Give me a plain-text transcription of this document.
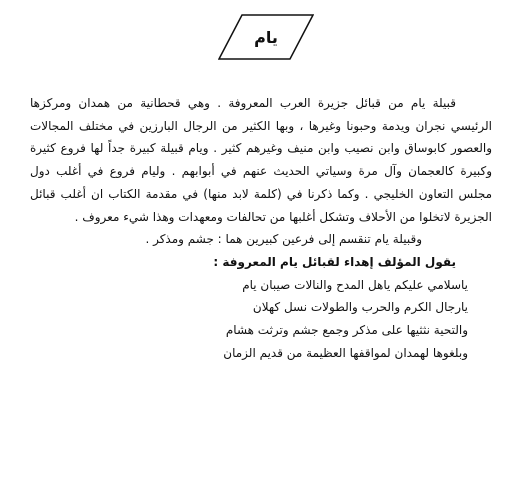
يام

قبيلة يام من قبائل جزيرة العرب المعروفة . وهي قحطانية من همدان ومركزها الرئيسي نجران ويدمة وحبونا وغيرها ، وبها الكثير من الرجال البارزين في مختلف المجالات والعصور كابوساق وابن نصيب وابن منيف وغيرهم كثير . ويام قبيلة كبيرة جداً لها فروع كثيرة وكبيرة كالعجمان وآل مرة وسياتي الحديث عنهم في أبوابهم . وليام فروع في أغلب دول مجلس التعاون الخليجي . وكما ذكرنا في (كلمة لابد منها) في مقدمة الكتاب ان أغلب قبائل الجزيرة لاتخلوا من الأحلاف وتشكل أغلبها من تحالفات ومعهدات وهذا شيء معروف .

وقبيلة يام تنقسم إلى فرعين كبيرين هما : جشم ومذكر .

يقول المؤلف إهداء لقبائل يام المعروفة :

ياسلامي عليكم ياهل المدح والنالات صيبان يام

يارجال الكرم والحرب والطولات نسل كهلان

والتحية نثثيها على مذكر وجمع جشم وترثت هشام

وبلغوها لهمدان لمواقفها العظيمة من قديم الزمان
